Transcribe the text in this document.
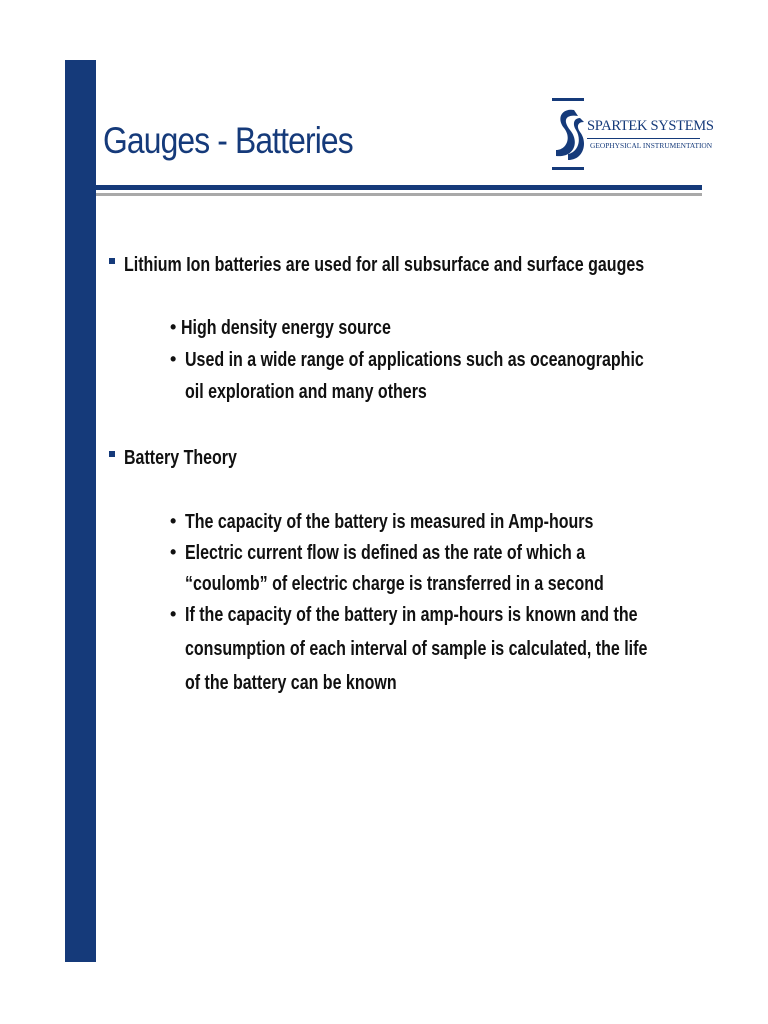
Gauges - Batteries	SPARTEK SYSTEMS
GEOPHYSICAL INSTRUMENTATION
Lithium Ion batteries are used for all subsurface and surface gauges
• High density energy source
• Used in a wide range of applications such as oceanographic
oil exploration and many others
Battery Theory
• The capacity of the battery is measured in Amp-hours
• Electric current flow is defined as the rate of which a
“coulomb” of electric charge is transferred in a second
• If the capacity of the battery in amp-hours is known and the
consumption of each interval of sample is calculated, the life
of the battery can be known
